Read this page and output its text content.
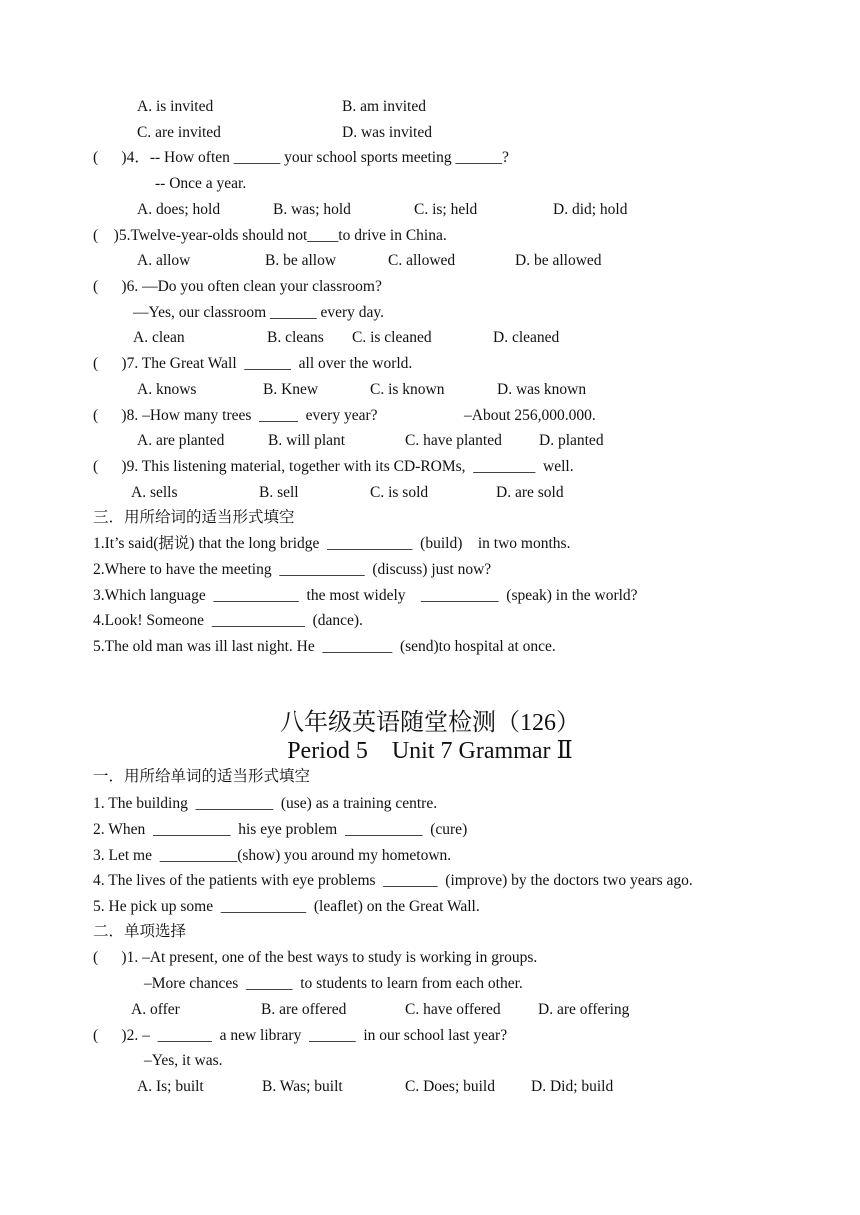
A. is invited	B. am invited
C. are invited	D. was invited
(      )4．-- How often ______ your school sports meeting ______?
-- Once a year.
A. does; hold	B. was; hold	C. is; held	D. did; hold
(    )5.Twelve-year-olds should not____to drive in China.
A. allow	B. be allow	C. allowed	D. be allowed
(      )6. —Do you often clean your classroom?
—Yes, our classroom ______ every day.
A. clean	B. cleans C. is cleaned	D. cleaned
(      )7. The Great Wall  ______  all over the world.
A. knows	B. Knew	C. is known	D. was known
(      )8. –How many trees  _____  every year?	–About 256,000.000.
A. are planted	B. will plant	C. have planted D. planted
(      )9. This listening material, together with its CD-ROMs,  ________  well.
A. sells	B. sell	C. is sold	D. are sold
三．用所给词的适当形式填空
1.It’s said(据说) that the long bridge  ___________  (build)    in two months.
2.Where to have the meeting  ___________  (discuss) just now?
3.Which language  ___________  the most widely    __________  (speak) in the world?
4.Look! Someone  ____________  (dance).
5.The old man was ill last night. He  _________  (send)to hospital at once.
八年级英语随堂检测（126）
Period 5    Unit 7 Grammar Ⅱ
一．用所给单词的适当形式填空
1. The building  __________  (use) as a training centre.
2. When  __________  his eye problem  __________  (cure)
3. Let me  __________(show) you around my hometown.
4. The lives of the patients with eye problems  _______  (improve) by the doctors two years ago.
5. He pick up some  ___________  (leaflet) on the Great Wall.
二．单项选择
(      )1. –At present, one of the best ways to study is working in groups.
–More chances  ______  to students to learn from each other.
A. offer	B. are offered	C. have offered D. are offering
(      )2. –  _______  a new library  ______  in our school last year?
–Yes, it was.
A. Is; built	B. Was; built	C. Does; build D. Did; build
